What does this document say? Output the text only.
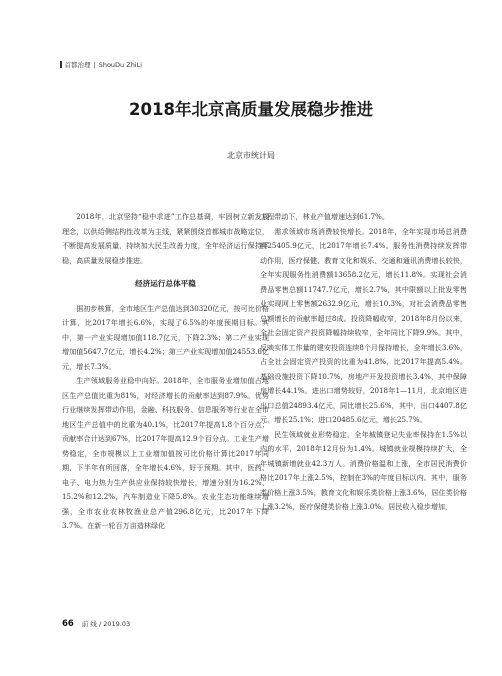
首都治理 | ShouDu ZhiLi
2018年北京高质量发展稳步推进
北京市统计局

2018年，北京坚持“稳中求进”工作总基调，牢固树立新发展理念，以供给侧结构性改革为主线，紧紧围绕首都城市战略定位，不断提高发展质量，持续加大民生改善力度，全年经济运行保持平稳，高质量发展稳步推进。

经济运行总体平稳

据初步核算，全市地区生产总值达到30320亿元，按可比价格计算，比2017年增长6.6%，实现了6.5%的年度预期目标。其中，第一产业实现增加值118.7亿元，下降2.3%；第二产业实现增加值5647.7亿元，增长4.2%；第三产业实现增加值24553.6亿元，增长7.3%。

生产领域服务业稳中向好。2018年，全市服务业增加值占地区生产总值比重为81%，对经济增长的贡献率达到87.9%。优势行业继续发挥带动作用，金融、科技服务、信息服务等行业在全市地区生产总值中的比重为40.1%，比2017年提高1.8个百分点；贡献率合计达到67%，比2017年提高12.9个百分点。工业生产增势稳定，全市规模以上工业增加值按可比价格计算比2017年同期，下半年有所回落，全年增长4.6%，好于预期。其中，医药、电子、电力热力生产供应业保持较快增长，增速分别为16.2%、15.2%和12.2%，汽车制造业下降5.8%。农业生态功能继续增强，全市农业农林牧渔业总产值296.8亿元，比2017年下降3.7%。在新一轮百万亩造林绿化

工程带动下，林业产值增速达到61.7%。

需求领域市场消费较快增长。2018年，全年实现市场总消费额25405.9亿元，比2017年增长7.4%。服务性消费持续发挥带动作用，医疗保健、教育文化和娱乐、交通和通讯消费增长较快，全年实现服务性消费额13658.2亿元，增长11.8%。实现社会消费品零售总额11747.7亿元，增长2.7%，其中限额以上批发零售业实现网上零售额2632.9亿元，增长10.3%，对社会消费品零售总额增长的贡献率超过8成。投资降幅收窄，2018年8月份以来，全社会固定资产投资降幅持续收窄，全年同比下降9.9%。其中，反映实体工作量的建安投资连续8个月保持增长，全年增长3.6%，占全社会固定资产投资的比重为41.8%，比2017年提高5.4%。基础设施投资下降10.7%，房地产开发投资增长3.4%，其中保障房增长44.1%。进出口增势较好，2018年1—11月，北京地区进出口总值24893.4亿元，同比增长25.6%，其中，出口4407.8亿元，增长25.1%；进口20485.6亿元，增长25.7%。

民生领域就业形势稳定，全年城镇登记失业率保持在1.5%以内的水平，2018年12月份为1.4%。城镇就业规模持续扩大，全年城镇新增就业42.3万人。消费价格温和上涨，全市居民消费价格比2017年上涨2.5%，控制在3%的年度目标以内。其中，服务类价格上涨3.5%，教育文化和娱乐类价格上涨3.6%，居住类价格上涨3.2%，医疗保健类价格上涨3.0%。居民收入稳步增加，

66 前 线 / 2019.03
